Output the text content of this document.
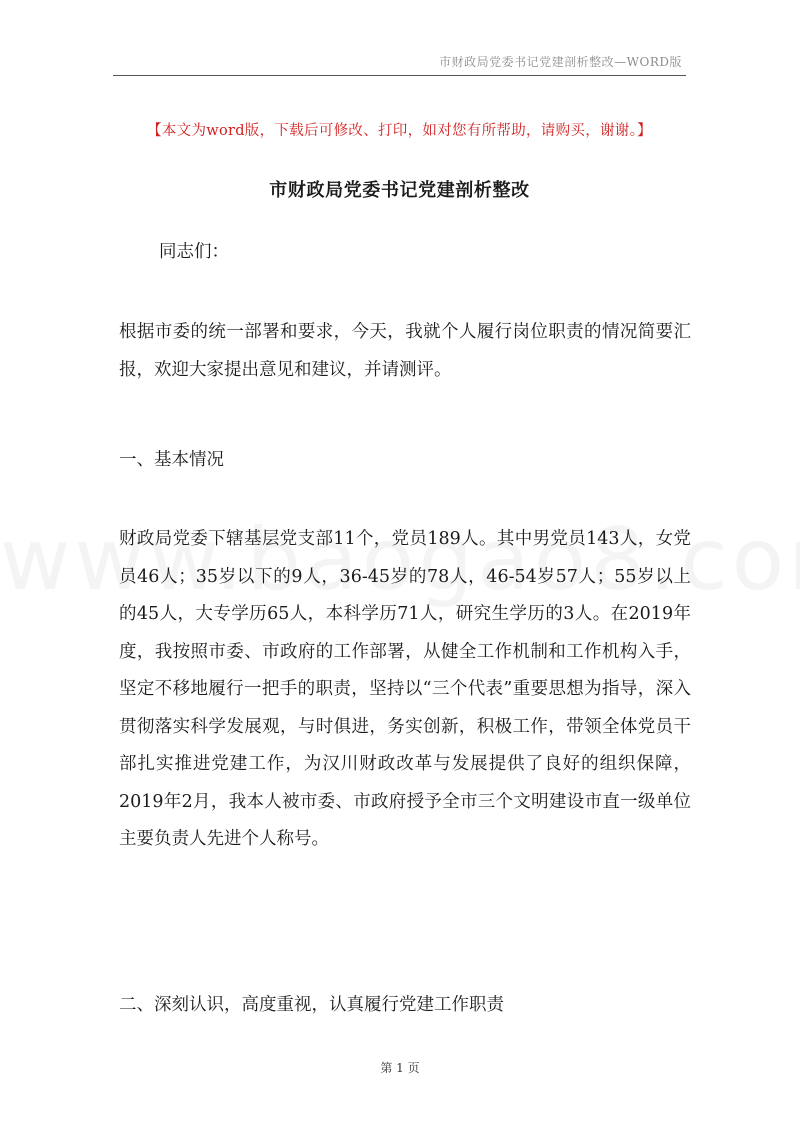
市财政局党委书记党建剖析整改—WORD版
【本文为word版，下载后可修改、打印，如对您有所帮助，请购买，谢谢。】
市财政局党委书记党建剖析整改
同志们：
根据市委的统一部署和要求，今天，我就个人履行岗位职责的情况简要汇报，欢迎大家提出意见和建议，并请测评。
一、基本情况
财政局党委下辖基层党支部11个，党员189人。其中男党员143人，女党员46人；35岁以下的9人，36-45岁的78人，46-54岁57人；55岁以上的45人，大专学历65人，本科学历71人，研究生学历的3人。在2019年度，我按照市委、市政府的工作部署，从健全工作机制和工作机构入手，坚定不移地履行一把手的职责，坚持以“三个代表”重要思想为指导，深入贯彻落实科学发展观，与时俱进，务实创新，积极工作，带领全体党员干部扎实推进党建工作，为汉川财政改革与发展提供了良好的组织保障，2019年2月，我本人被市委、市政府授予全市三个文明建设市直一级单位主要负责人先进个人称号。
二、深刻认识，高度重视，认真履行党建工作职责
第 1 页
